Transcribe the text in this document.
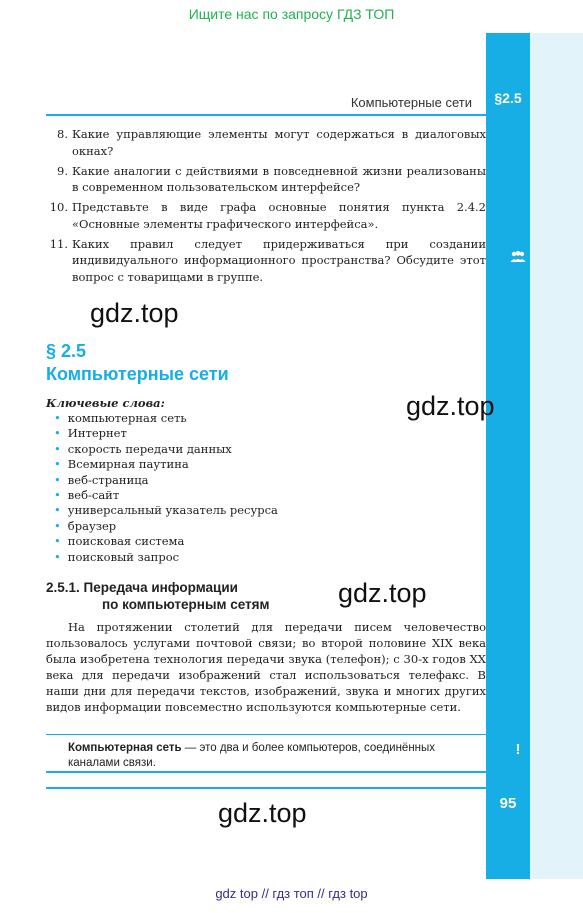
Ищите нас по запросу ГДЗ ТОП
§2.5
95
!
Компьютерные сети
8. Какие управляющие элементы могут содержаться в диалоговых окнах?
9. Какие аналогии с действиями в повседневной жизни реализованы в современном пользовательском интерфейсе?
10. Представьте в виде графа основные понятия пункта 2.4.2 «Основные элементы графического интерфейса».
11. Каких правил следует придерживаться при создании индивидуального информационного пространства? Обсудите этот вопрос с товарищами в группе.
gdz.top
gdz.top
gdz.top
gdz.top
§ 2.5
Компьютерные сети
Ключевые слова:
• компьютерная сеть
• Интернет
• скорость передачи данных
• Всемирная паутина
• веб-страница
• веб-сайт
• универсальный указатель ресурса
• браузер
• поисковая система
• поисковый запрос
2.5.1. Передача информации
по компьютерным сетям
На протяжении столетий для передачи писем человечество пользовалось услугами почтовой связи; во второй половине XIX века была изобретена технология передачи звука (телефон); с 30-х годов XX века для передачи изображений стал использоваться телефакс. В наши дни для передачи текстов, изображений, звука и многих других видов информации повсеместно используются компьютерные сети.
Компьютерная сеть — это два и более компьютеров, соединённых каналами связи.
gdz top // гдз топ // гдз top
